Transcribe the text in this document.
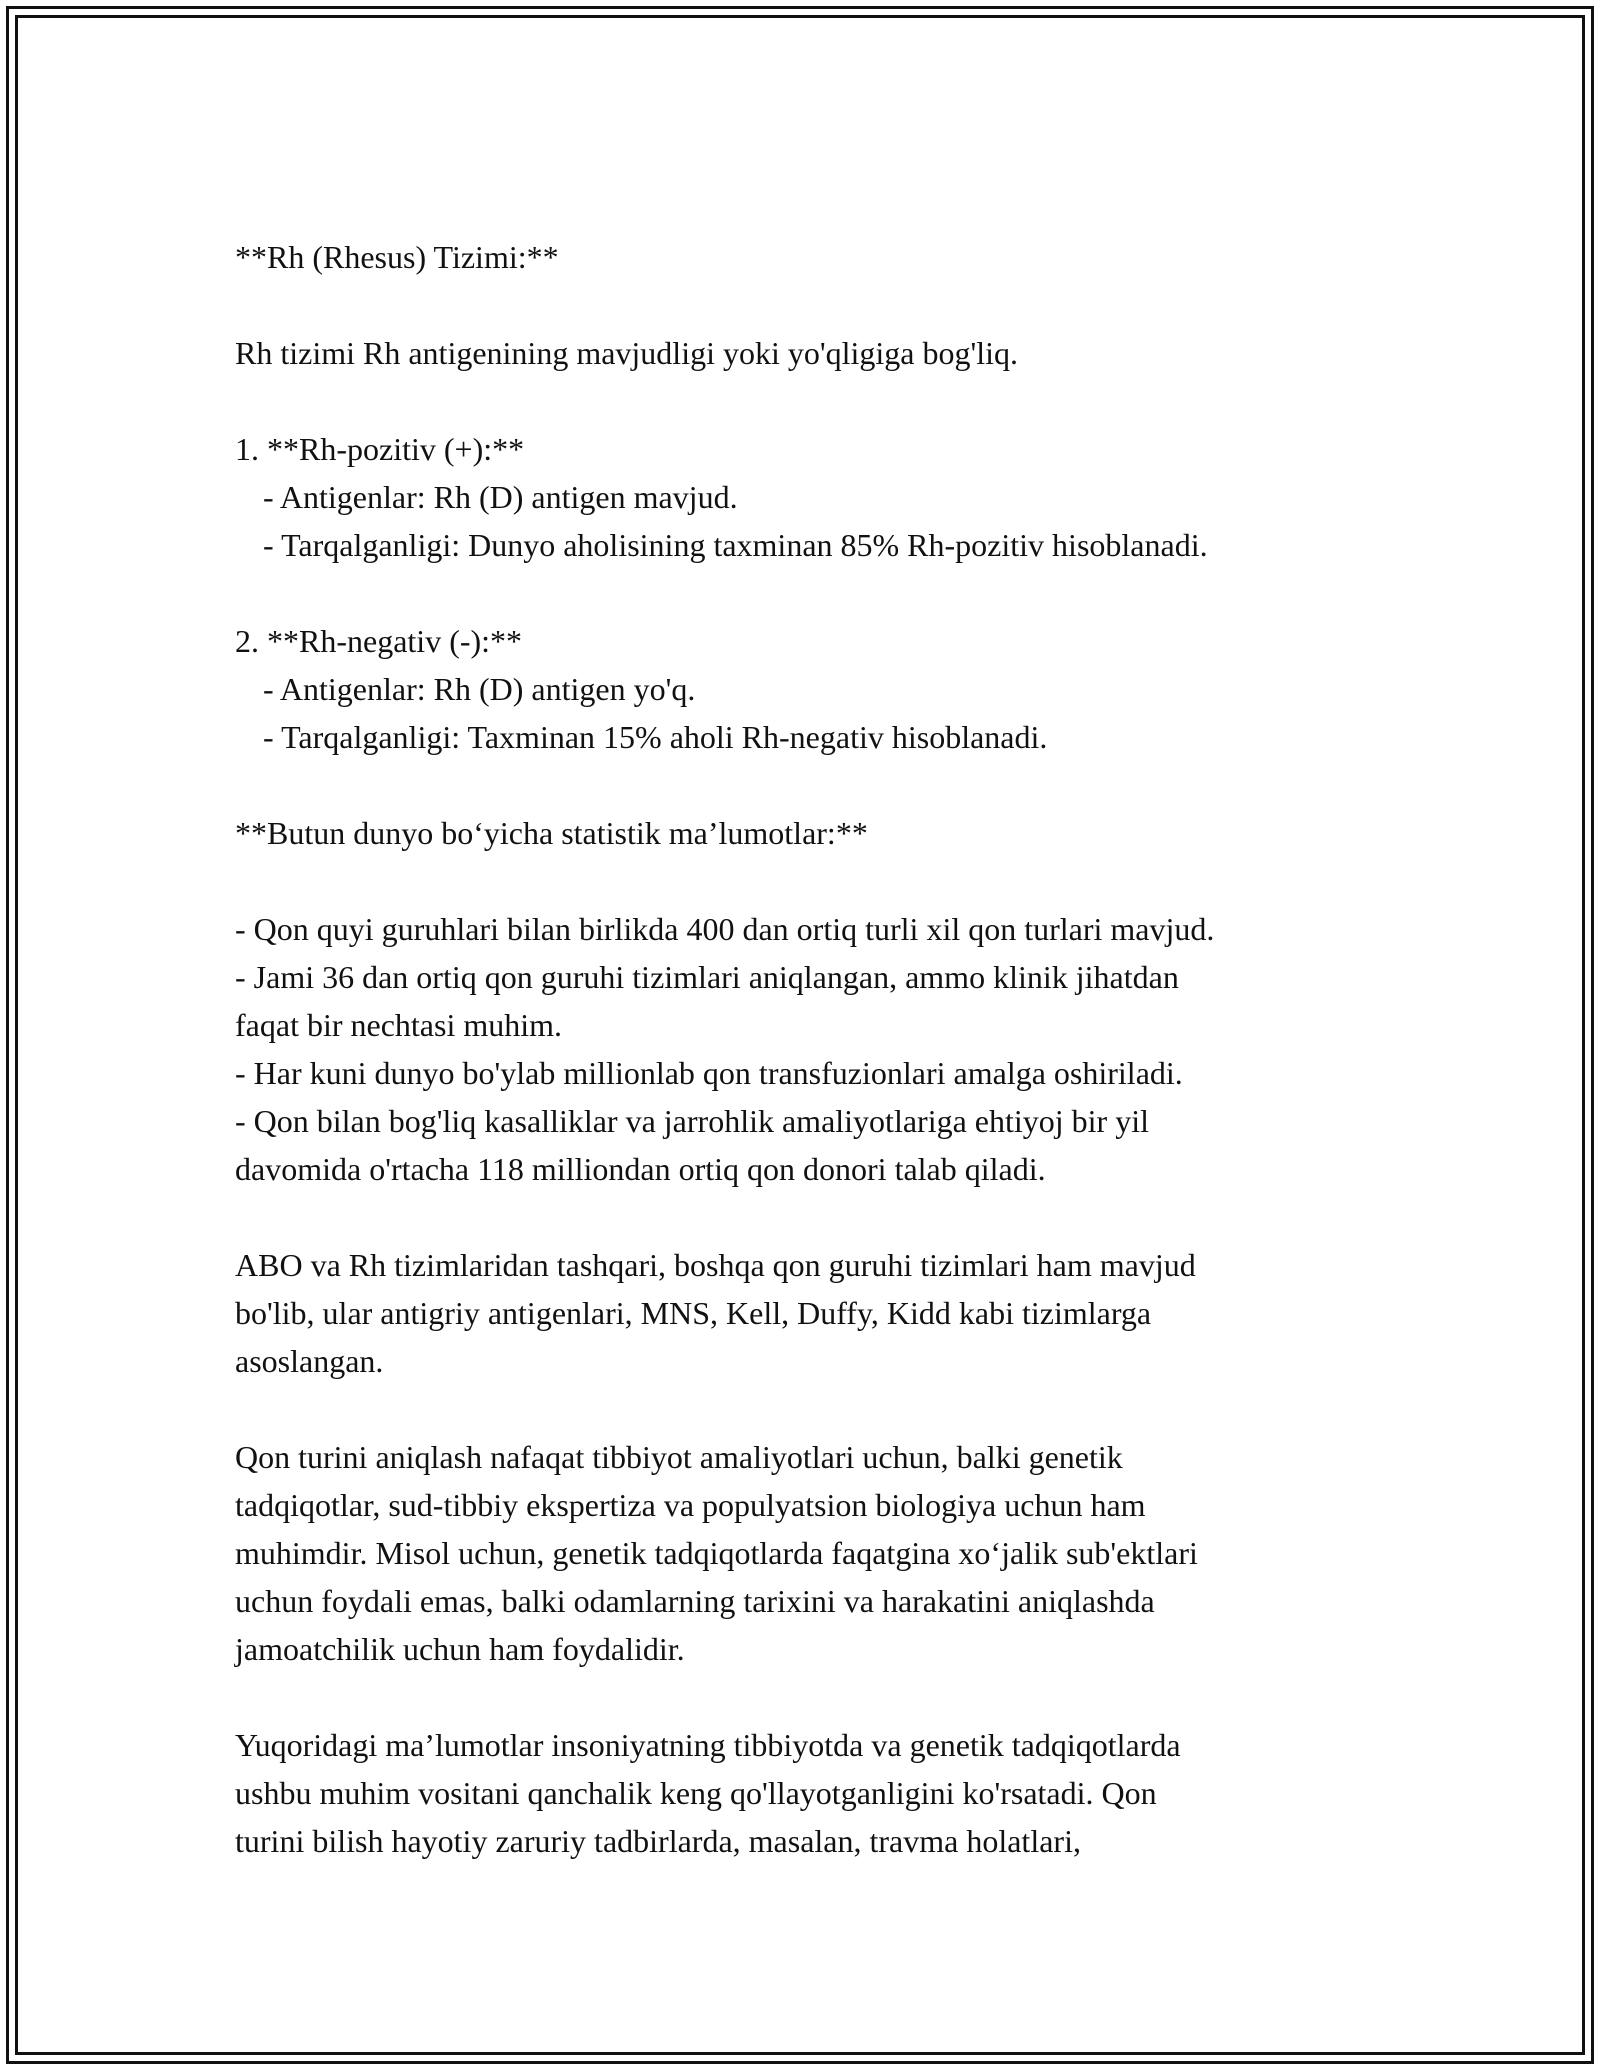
**Rh (Rhesus) Tizimi:**

Rh tizimi Rh antigenining mavjudligi yoki yo'qligiga bog'liq.

1. **Rh-pozitiv (+):**

- Antigenlar: Rh (D) antigen mavjud.

- Tarqalganligi: Dunyo aholisining taxminan 85% Rh-pozitiv hisoblanadi.

2. **Rh-negativ (-):**

- Antigenlar: Rh (D) antigen yo'q.

- Tarqalganligi: Taxminan 15% aholi Rh-negativ hisoblanadi.

**Butun dunyo bo‘yicha statistik ma’lumotlar:**

- Qon quyi guruhlari bilan birlikda 400 dan ortiq turli xil qon turlari mavjud.

- Jami 36 dan ortiq qon guruhi tizimlari aniqlangan, ammo klinik jihatdan

faqat bir nechtasi muhim.

- Har kuni dunyo bo'ylab millionlab qon transfuzionlari amalga oshiriladi.

- Qon bilan bog'liq kasalliklar va jarrohlik amaliyotlariga ehtiyoj bir yil

davomida o'rtacha 118 milliondan ortiq qon donori talab qiladi.

ABO va Rh tizimlaridan tashqari, boshqa qon guruhi tizimlari ham mavjud

bo'lib, ular antigriy antigenlari, MNS, Kell, Duffy, Kidd kabi tizimlarga

asoslangan.

Qon turini aniqlash nafaqat tibbiyot amaliyotlari uchun, balki genetik

tadqiqotlar, sud-tibbiy ekspertiza va populyatsion biologiya uchun ham

muhimdir. Misol uchun, genetik tadqiqotlarda faqatgina xo‘jalik sub'ektlari

uchun foydali emas, balki odamlarning tarixini va harakatini aniqlashda

jamoatchilik uchun ham foydalidir.

Yuqoridagi ma’lumotlar insoniyatning tibbiyotda va genetik tadqiqotlarda

ushbu muhim vositani qanchalik keng qo'llayotganligini ko'rsatadi. Qon

turini bilish hayotiy zaruriy tadbirlarda, masalan, travma holatlari,
